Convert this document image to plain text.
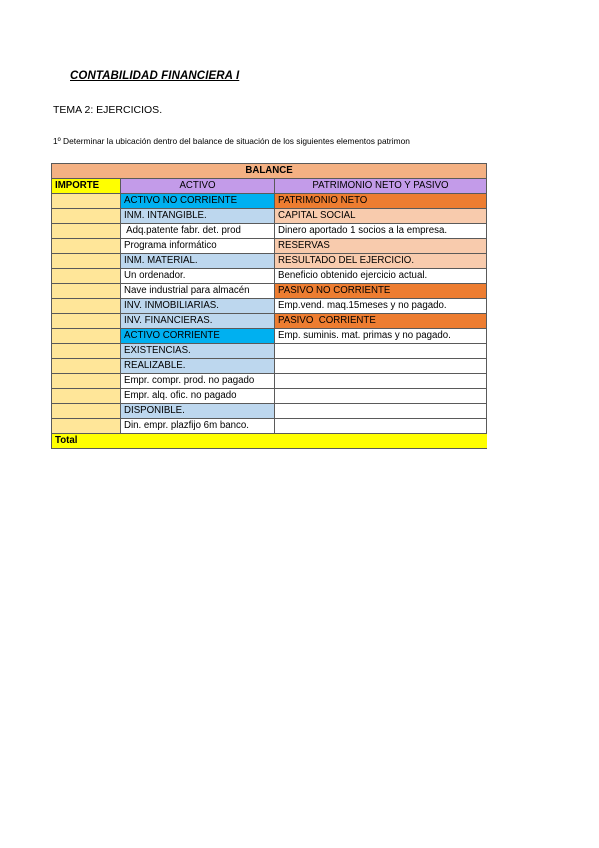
CONTABILIDAD FINANCIERA I
TEMA 2: EJERCICIOS.
1º Determinar la ubicación dentro del balance de situación de los siguientes elementos patrimon
BALANCE		
IMPORTE	ACTIVO	PATRIMONIO NETO Y PASIVO
	ACTIVO NO CORRIENTE	PATRIMONIO NETO
	INM. INTANGIBLE.	CAPITAL SOCIAL
	Adq.patente fabr. det. prod	Dinero aportado 1 socios a la empresa.
	Programa informático	RESERVAS
	INM. MATERIAL.	RESULTADO DEL EJERCICIO.
	Un ordenador.	Beneficio obtenido ejercicio actual.
	Nave industrial para almacén	PASIVO NO CORRIENTE
	INV. INMOBILIARIAS.	Emp.vend. maq.15meses y no pagado.
	INV. FINANCIERAS.	PASIVO  CORRIENTE
	ACTIVO CORRIENTE	Emp. suminis. mat. primas y no pagado.
	EXISTENCIAS.	
	REALIZABLE.	
	Empr. compr. prod. no pagado	
	Empr. alq. ofic. no pagado	
	DISPONIBLE.	
	Din. empr. plazfijo 6m banco.	
Total		
